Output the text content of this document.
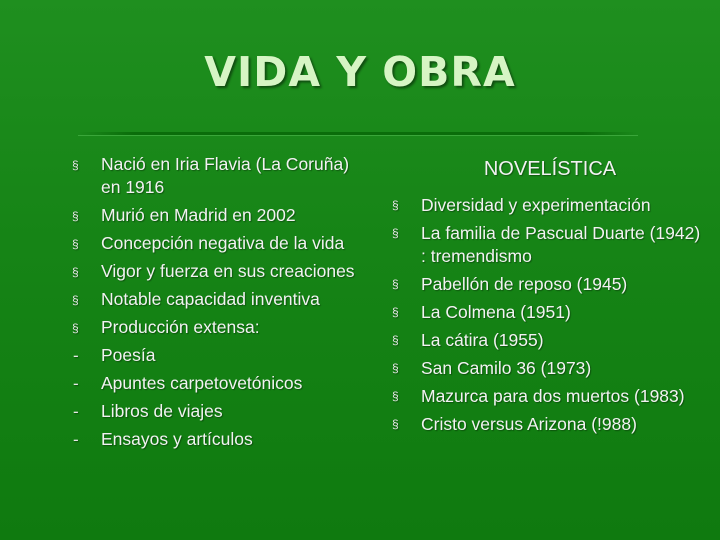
VIDA Y OBRA
§	Nació en Iria Flavia (La Coruña) en 1916
§	Murió en Madrid en 2002
§	Concepción negativa de la vida
§	Vigor y fuerza en sus creaciones
§	Notable capacidad inventiva
§	Producción extensa:
- Poesía
- Apuntes carpetovetónicos
- Libros de viajes
- Ensayos y artículos
NOVELÍSTICA
§	Diversidad y experimentación
§	La familia de Pascual Duarte (1942) : tremendismo
§	Pabellón de reposo (1945)
§	La Colmena (1951)
§	La cátira (1955)
§	San Camilo 36 (1973)
§	Mazurca para dos muertos (1983)
§	Cristo versus Arizona (!988)
